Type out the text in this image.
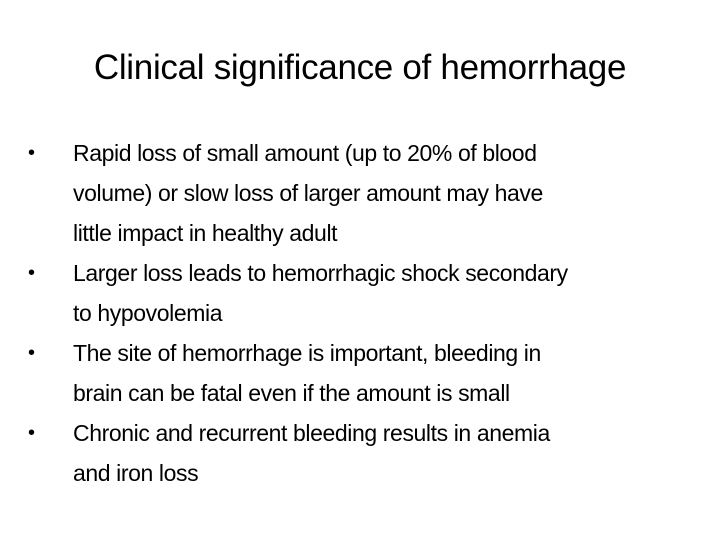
Clinical significance of hemorrhage
•	Rapid loss of small amount (up to 20% of blood
volume) or slow loss of larger amount may have
little impact in healthy adult
•	Larger loss leads to hemorrhagic shock secondary
to hypovolemia
•	The site of hemorrhage is important, bleeding in
brain can be fatal even if the amount is small
•	Chronic and recurrent bleeding results in anemia
and iron loss
